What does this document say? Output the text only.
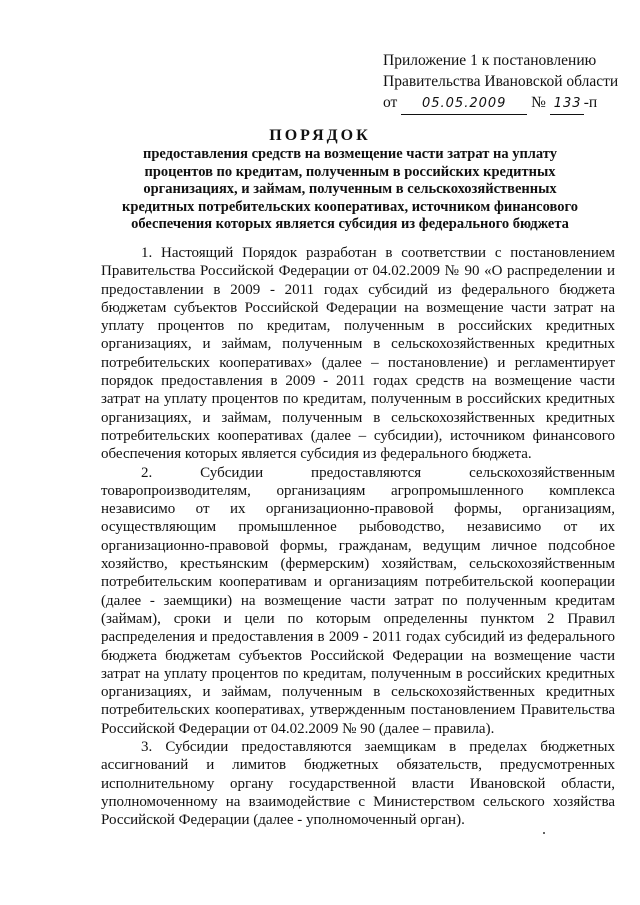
Приложение 1 к постановлению
Правительства Ивановской области
от 05.05.2009 № 133 -п
ПОРЯДОК
предоставления средств на возмещение части затрат на уплату процентов по кредитам, полученным в российских кредитных организациях, и займам, полученным в сельскохозяйственных кредитных потребительских кооперативах, источником финансового обеспечения которых является субсидия из федерального бюджета

1. Настоящий Порядок разработан в соответствии с постановлением Правительства Российской Федерации от 04.02.2009 № 90 «О распределении и предоставлении в 2009 - 2011 годах субсидий из федерального бюджета бюджетам субъектов Российской Федерации на возмещение части затрат на уплату процентов по кредитам, полученным в российских кредитных организациях, и займам, полученным в сельскохозяйственных кредитных потребительских кооперативах» (далее – постановление) и регламентирует порядок предоставления в 2009 - 2011 годах средств на возмещение части затрат на уплату процентов по кредитам, полученным в российских кредитных организациях, и займам, полученным в сельскохозяйственных кредитных потребительских кооперативах (далее – субсидии), источником финансового обеспечения которых является субсидия из федерального бюджета.

2. Субсидии предоставляются сельскохозяйственным товаропроизводителям, организациям агропромышленного комплекса независимо от их организационно-правовой формы, организациям, осуществляющим промышленное рыбоводство, независимо от их организационно-правовой формы, гражданам, ведущим личное подсобное хозяйство, крестьянским (фермерским) хозяйствам, сельскохозяйственным потребительским кооперативам и организациям потребительской кооперации (далее - заемщики) на возмещение части затрат по полученным кредитам (займам), сроки и цели по которым определенны пунктом 2 Правил распределения и предоставления в 2009 - 2011 годах субсидий из федерального бюджета бюджетам субъектов Российской Федерации на возмещение части затрат на уплату процентов по кредитам, полученным в российских кредитных организациях, и займам, полученным в сельскохозяйственных кредитных потребительских кооперативах, утвержденным постановлением Правительства Российской Федерации от 04.02.2009 № 90 (далее – правила).

3. Субсидии предоставляются заемщикам в пределах бюджетных ассигнований и лимитов бюджетных обязательств, предусмотренных исполнительному органу государственной власти Ивановской области, уполномоченному на взаимодействие с Министерством сельского хозяйства Российской Федерации (далее - уполномоченный орган).
